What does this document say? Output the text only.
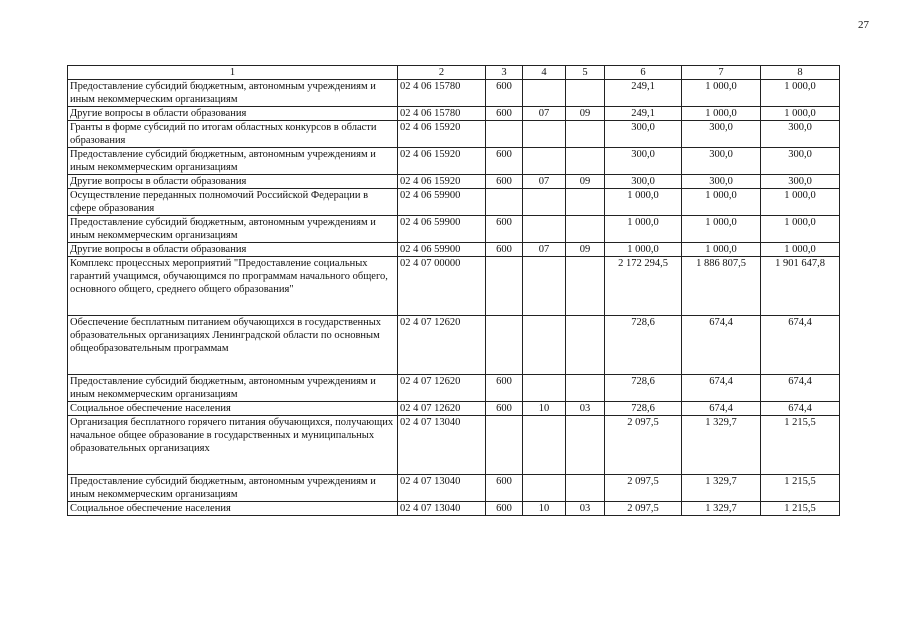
27
1	2	3	4	5	6	7	8
Предоставление субсидий бюджетным, автономным учреждениям и иным некоммерческим организациям	02 4 06 15780	600			249,1	1 000,0	1 000,0
Другие вопросы в области образования	02 4 06 15780	600	07	09	249,1	1 000,0	1 000,0
Гранты в форме субсидий по итогам областных конкурсов в области образования	02 4 06 15920				300,0	300,0	300,0
Предоставление субсидий бюджетным, автономным учреждениям и иным некоммерческим организациям	02 4 06 15920	600			300,0	300,0	300,0
Другие вопросы в области образования	02 4 06 15920	600	07	09	300,0	300,0	300,0
Осуществление переданных полномочий Российской Федерации в сфере образования	02 4 06 59900				1 000,0	1 000,0	1 000,0
Предоставление субсидий бюджетным, автономным учреждениям и иным некоммерческим организациям	02 4 06 59900	600			1 000,0	1 000,0	1 000,0
Другие вопросы в области образования	02 4 06 59900	600	07	09	1 000,0	1 000,0	1 000,0
Комплекс процессных мероприятий "Предоставление социальных гарантий учащимся, обучающимся по программам начального общего, основного общего, среднего общего образования"	02 4 07 00000				2 172 294,5	1 886 807,5	1 901 647,8
Обеспечение бесплатным питанием обучающихся в государственных образовательных организациях Ленинградской области по основным общеобразовательным программам	02 4 07 12620				728,6	674,4	674,4
Предоставление субсидий бюджетным, автономным учреждениям и иным некоммерческим организациям	02 4 07 12620	600			728,6	674,4	674,4
Социальное обеспечение населения	02 4 07 12620	600	10	03	728,6	674,4	674,4
Организация бесплатного горячего питания обучающихся, получающих начальное общее образование в государственных и муниципальных образовательных организациях	02 4 07 13040				2 097,5	1 329,7	1 215,5
Предоставление субсидий бюджетным, автономным учреждениям и иным некоммерческим организациям	02 4 07 13040	600			2 097,5	1 329,7	1 215,5
Социальное обеспечение населения	02 4 07 13040	600	10	03	2 097,5	1 329,7	1 215,5
